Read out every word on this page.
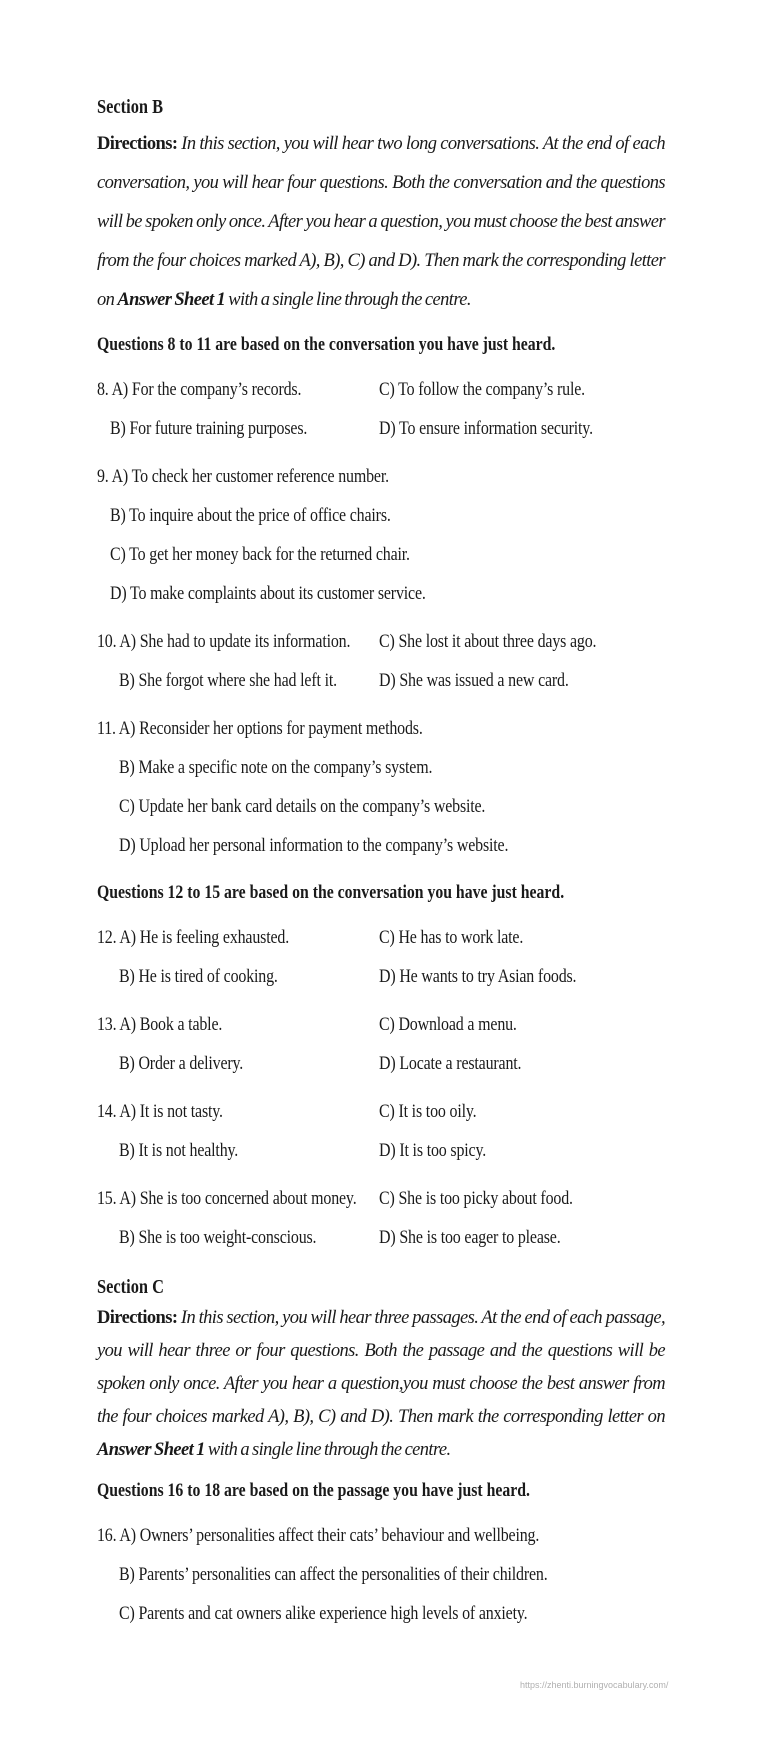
Section B

Directions: In this section, you will hear two long conversations. At the end of each conversation, you will hear four questions. Both the conversation and the questions will be spoken only once. After you hear a question, you must choose the best answer from the four choices marked A), B), C) and D). Then mark the corresponding letter on Answer Sheet 1 with a single line through the centre.

Questions 8 to 11 are based on the conversation you have just heard.
8. A) For the company’s records.	C) To follow the company’s rule.
B) For future training purposes.	D) To ensure information security.
9. A) To check her customer reference number.
B) To inquire about the price of office chairs.
C) To get her money back for the returned chair.
D) To make complaints about its customer service.
10. A) She had to update its information. C) She lost it about three days ago.
B) She forgot where she had left it. D) She was issued a new card.
11. A) Reconsider her options for payment methods.
B) Make a specific note on the company’s system.
C) Update her bank card details on the company’s website.
D) Upload her personal information to the company’s website.
Questions 12 to 15 are based on the conversation you have just heard.
12. A) He is feeling exhausted.	C) He has to work late.
B) He is tired of cooking.	D) He wants to try Asian foods.
13. A) Book a table.	C) Download a menu.
B) Order a delivery.	D) Locate a restaurant.
14. A) It is not tasty.	C) It is too oily.
B) It is not healthy.	D) It is too spicy.
15. A) She is too concerned about money. C) She is too picky about food.
B) She is too weight-conscious.	D) She is too eager to please.
Section C

Directions: In this section, you will hear three passages. At the end of each passage, you will hear three or four questions. Both the passage and the questions will be spoken only once. After you hear a question,you must choose the best answer from the four choices marked A), B), C) and D). Then mark the corresponding letter on Answer Sheet 1 with a single line through the centre.

Questions 16 to 18 are based on the passage you have just heard.
16. A) Owners’ personalities affect their cats’ behaviour and wellbeing.
B) Parents’ personalities can affect the personalities of their children.
C) Parents and cat owners alike experience high levels of anxiety.
https://zhenti.burningvocabulary.com/
